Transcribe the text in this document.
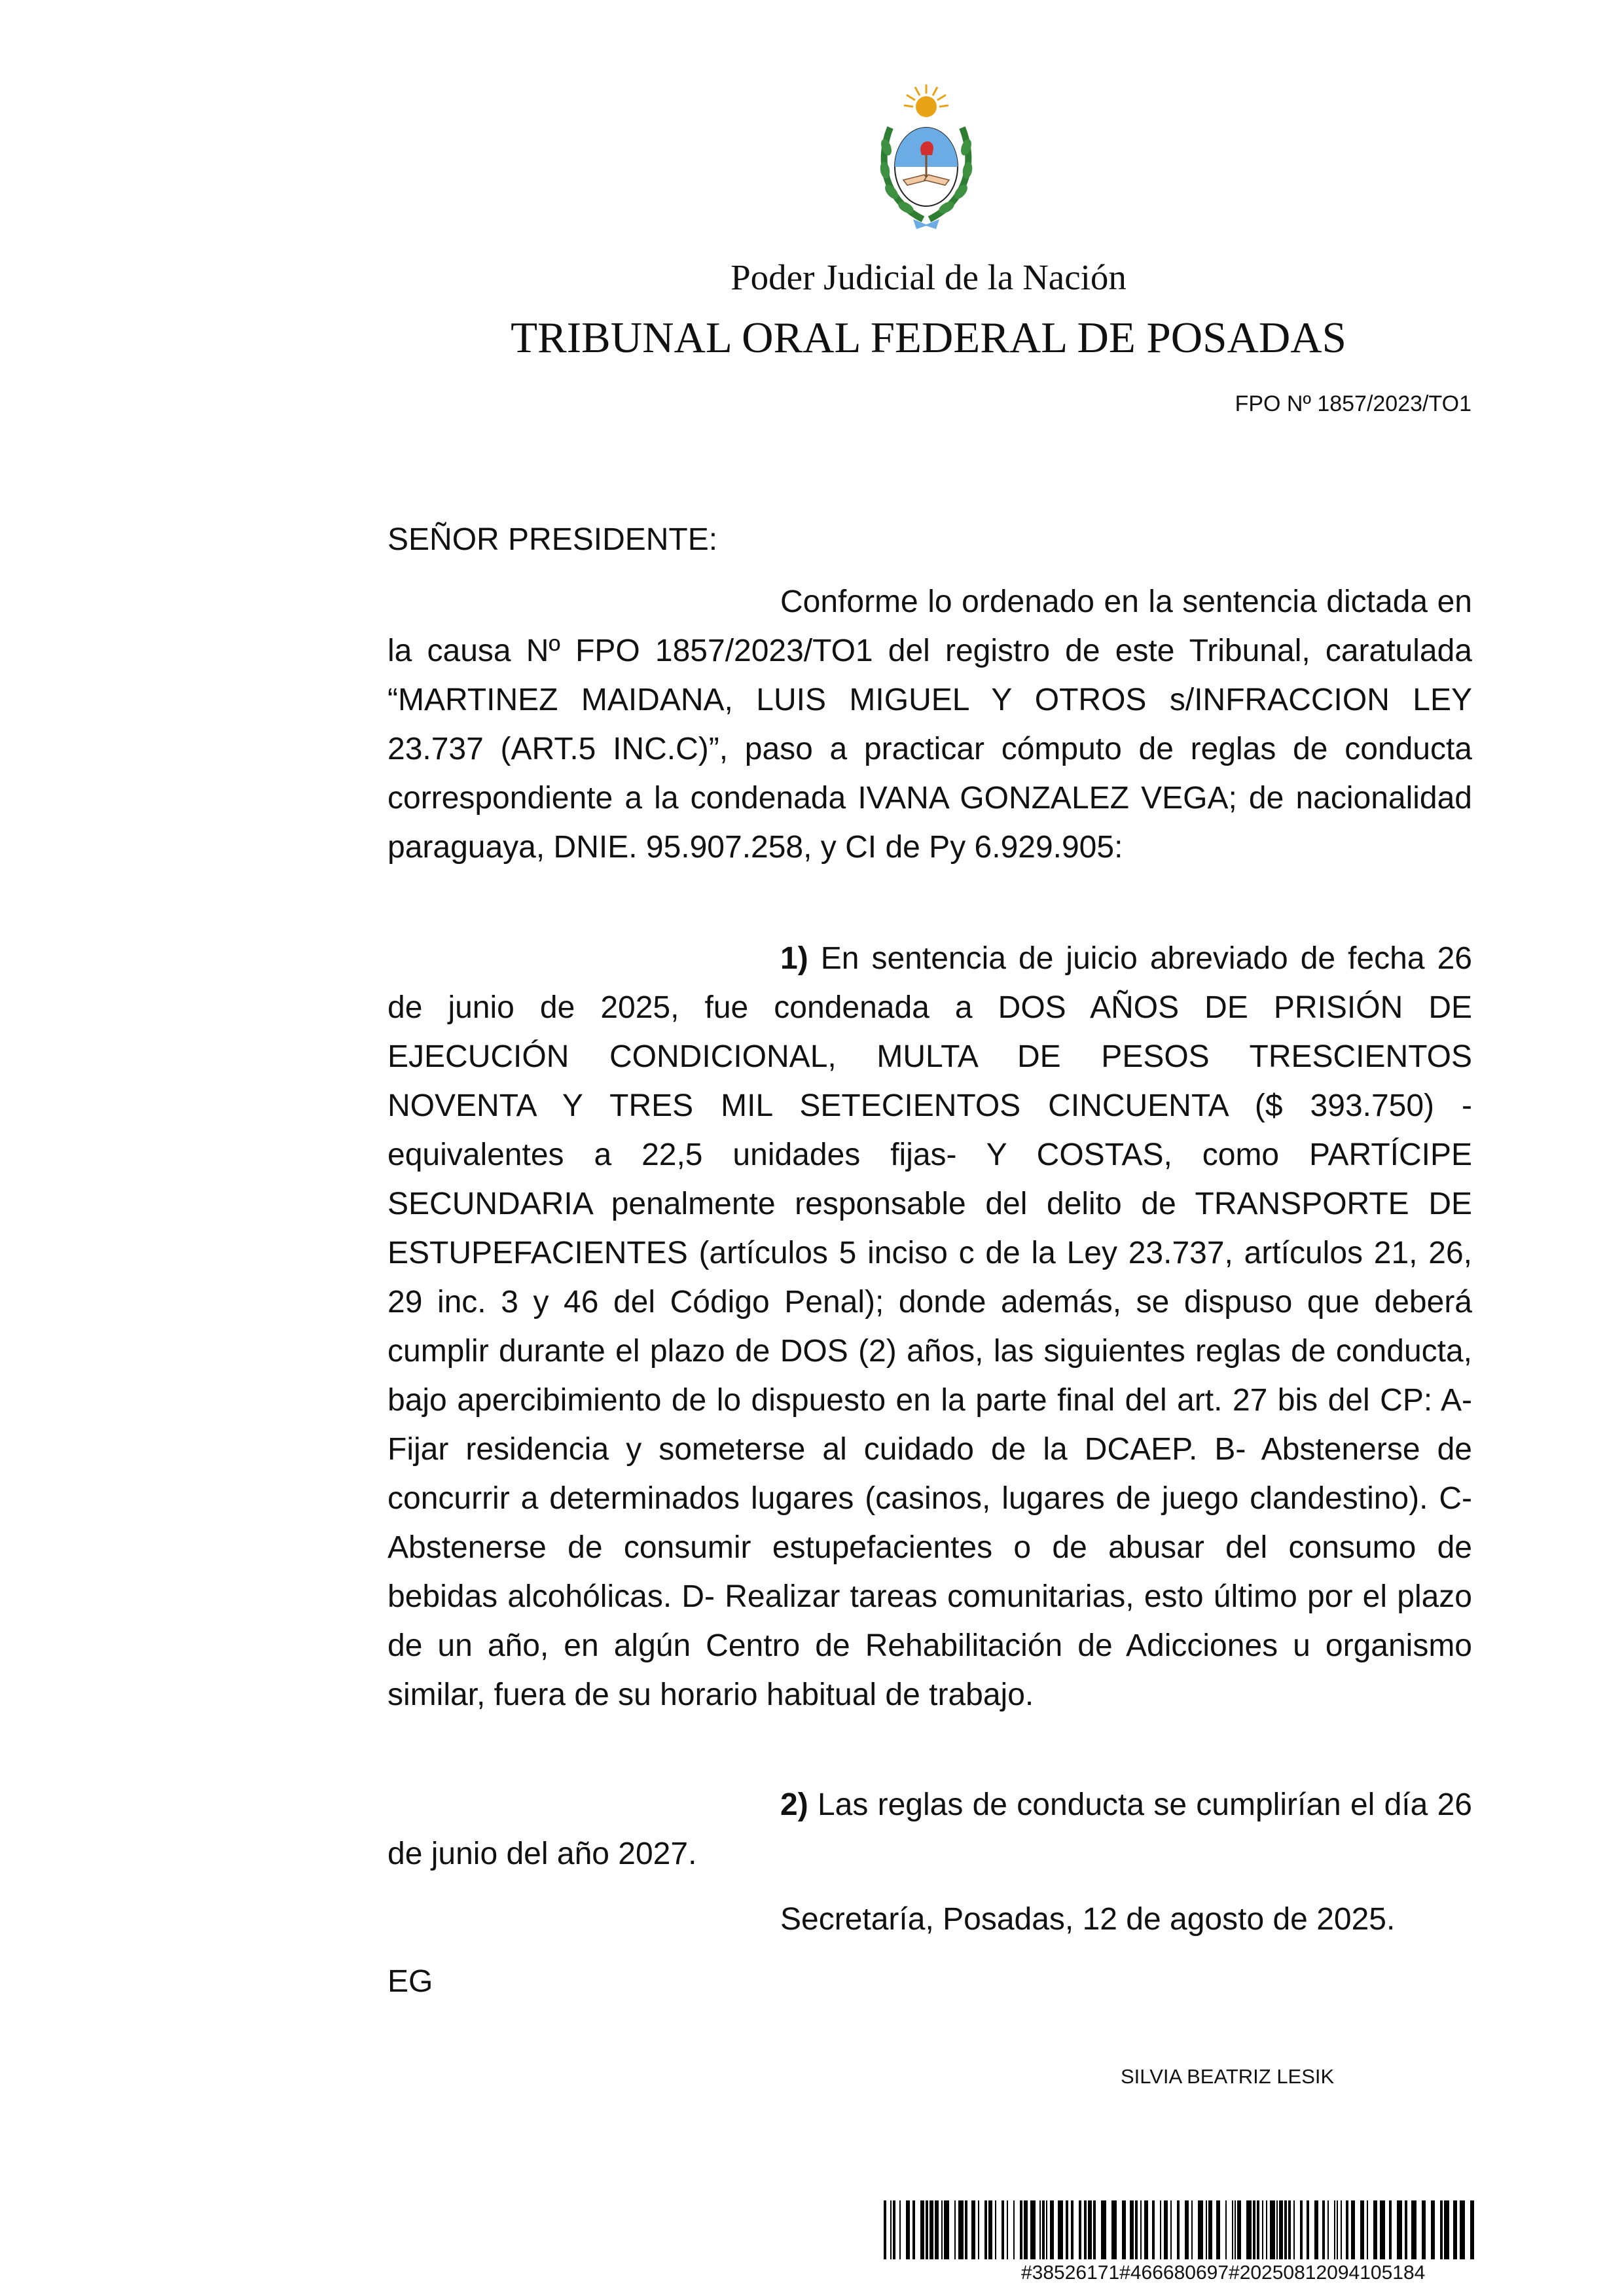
Poder Judicial de la Nación
TRIBUNAL ORAL FEDERAL DE POSADAS
FPO Nº 1857/2023/TO1
SEÑOR PRESIDENTE:
Conforme lo ordenado en la sentencia dictada en la causa Nº FPO 1857/2023/TO1 del registro de este Tribunal, caratulada “MARTINEZ MAIDANA, LUIS MIGUEL Y OTROS s/INFRACCION LEY 23.737 (ART.5 INC.C)”, paso a practicar cómputo de reglas de conducta correspondiente a la condenada IVANA GONZALEZ VEGA; de nacionalidad paraguaya, DNIE. 95.907.258, y CI de Py 6.929.905:
1) En sentencia de juicio abreviado de fecha 26 de junio de 2025, fue condenada a DOS AÑOS DE PRISIÓN DE EJECUCIÓN CONDICIONAL, MULTA DE PESOS TRESCIENTOS NOVENTA Y TRES MIL SETECIENTOS CINCUENTA ($ 393.750) -equivalentes a 22,5 unidades fijas- Y COSTAS, como PARTÍCIPE SECUNDARIA penalmente responsable del delito de TRANSPORTE DE ESTUPEFACIENTES (artículos 5 inciso c de la Ley 23.737, artículos 21, 26, 29 inc. 3 y 46 del Código Penal); donde además, se dispuso que deberá cumplir durante el plazo de DOS (2) años, las siguientes reglas de conducta, bajo apercibimiento de lo dispuesto en la parte final del art. 27 bis del CP: A- Fijar residencia y someterse al cuidado de la DCAEP. B- Abstenerse de concurrir a determinados lugares (casinos, lugares de juego clandestino). C- Abstenerse de consumir estupefacientes o de abusar del consumo de bebidas alcohólicas. D- Realizar tareas comunitarias, esto último por el plazo de un año, en algún Centro de Rehabilitación de Adicciones u organismo similar, fuera de su horario habitual de trabajo.
2) Las reglas de conducta se cumplirían el día 26 de junio del año 2027.
Secretaría, Posadas, 12 de agosto de 2025.
EG
SILVIA BEATRIZ LESIK
#38526171#466680697#20250812094105184
